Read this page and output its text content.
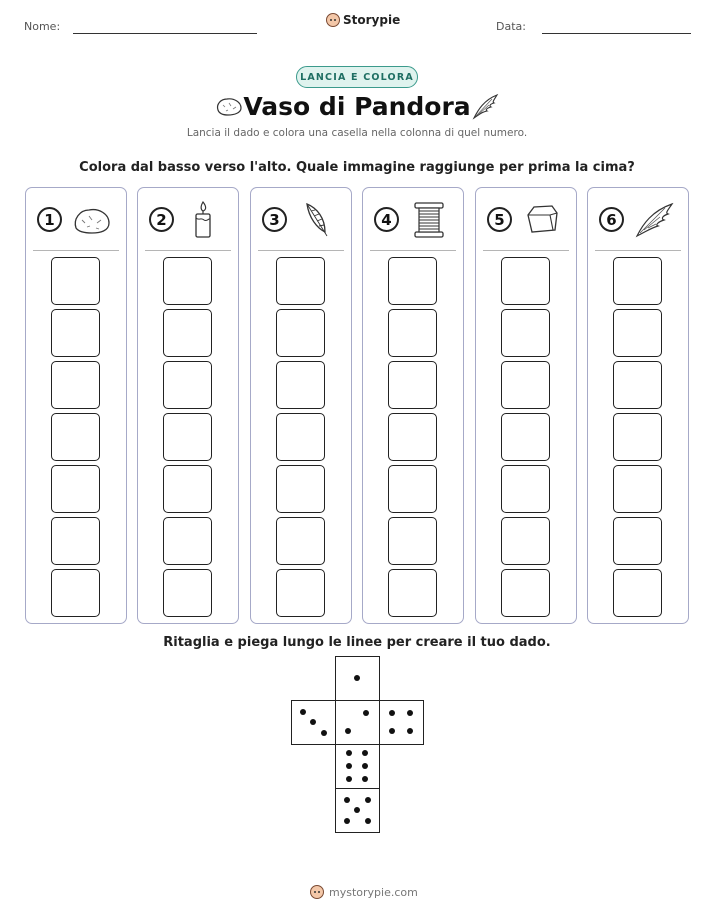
Nome:	Storypie	Data:
LANCIA E COLORA
Vaso di Pandora
Lancia il dado e colora una casella nella colonna di quel numero.
Colora dal basso verso l'alto. Quale immagine raggiunge per prima la cima?
1	2	3	4	5	6
Ritaglia e piega lungo le linee per creare il tuo dado.
mystorypie.com
